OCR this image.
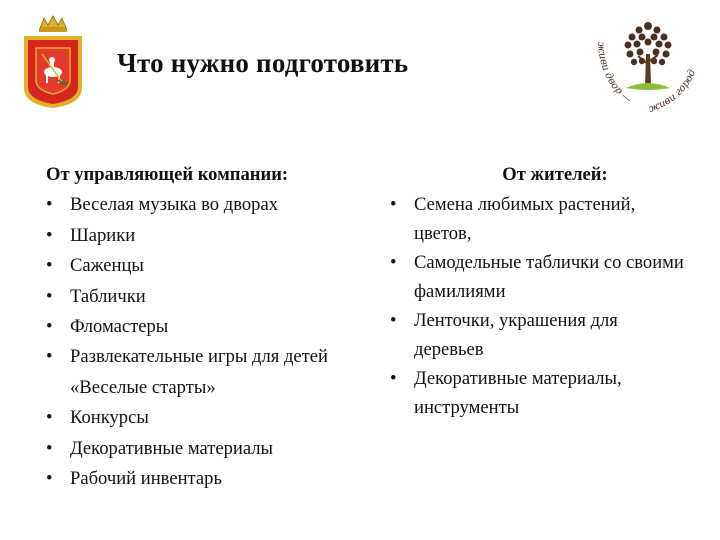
живи двор —
живи город
Что нужно подготовить
От управляющей компании:
• Веселая музыка во дворах
• Шарики
• Саженцы
• Таблички
• Фломастеры
• Развлекательные игры для детей «Веселые старты»
• Конкурсы
• Декоративные материалы
• Рабочий инвентарь
От жителей:
• Семена любимых растений, цветов,
• Самодельные таблички со своими фамилиями
• Ленточки, украшения для деревьев
• Декоративные материалы, инструменты
